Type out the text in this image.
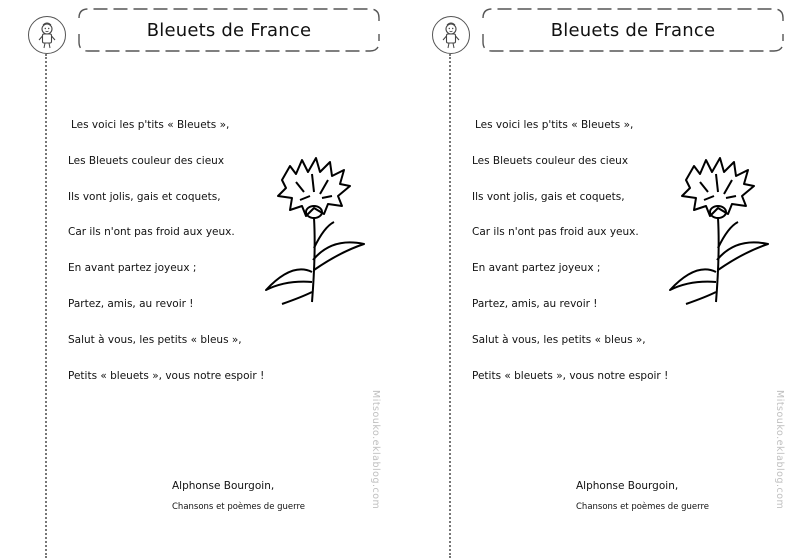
Bleuets de France
Les voici les p'tits « Bleuets »,
Les Bleuets couleur des cieux
Ils vont jolis, gais et coquets,
Car ils n'ont pas froid aux yeux.
En avant partez joyeux ;
Partez, amis, au revoir !
Salut à vous, les petits « bleus »,
Petits « bleuets », vous notre espoir !
Mitsouko.eklablog.com
Alphonse Bourgoin,
Chansons et poèmes de guerre
Bleuets de France
Les voici les p'tits « Bleuets »,
Les Bleuets couleur des cieux
Ils vont jolis, gais et coquets,
Car ils n'ont pas froid aux yeux.
En avant partez joyeux ;
Partez, amis, au revoir !
Salut à vous, les petits « bleus »,
Petits « bleuets », vous notre espoir !
Mitsouko.eklablog.com
Alphonse Bourgoin,
Chansons et poèmes de guerre
